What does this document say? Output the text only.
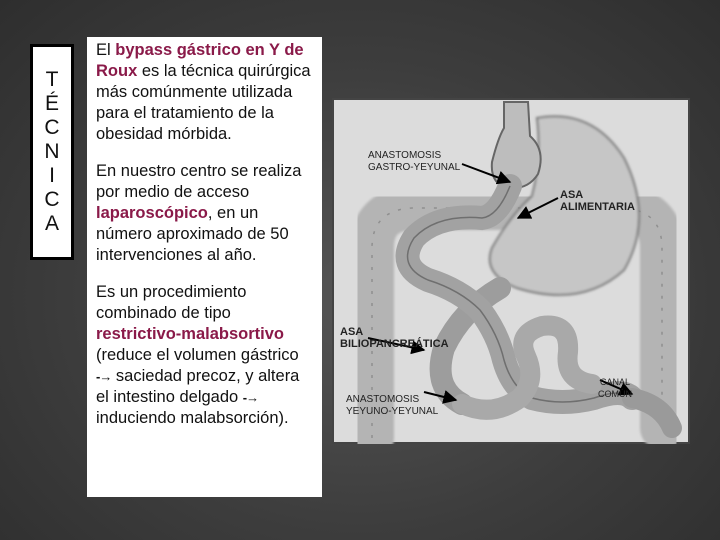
T
É
C
N
I
C
A

El bypass gástrico en Y de Roux es la técnica quirúrgica más comúnmente utilizada para el tratamiento de la obesidad mórbida.

En nuestro centro se realiza por medio de acceso laparoscópico, en un número aproximado de 50 intervenciones al año.

Es un procedimiento combinado de tipo restrictivo-malabsortivo (reduce el volumen gástrico -→ saciedad precoz, y altera el intestino delgado -→ induciendo malabsorción).

ANASTOMOSIS
GASTRO-YEYUNAL
ASA
ALIMENTARIA
ASA
BILIOPANCREÁTICA
CANAL
COMÚN
ANASTOMOSIS
YEYUNO-YEYUNAL
